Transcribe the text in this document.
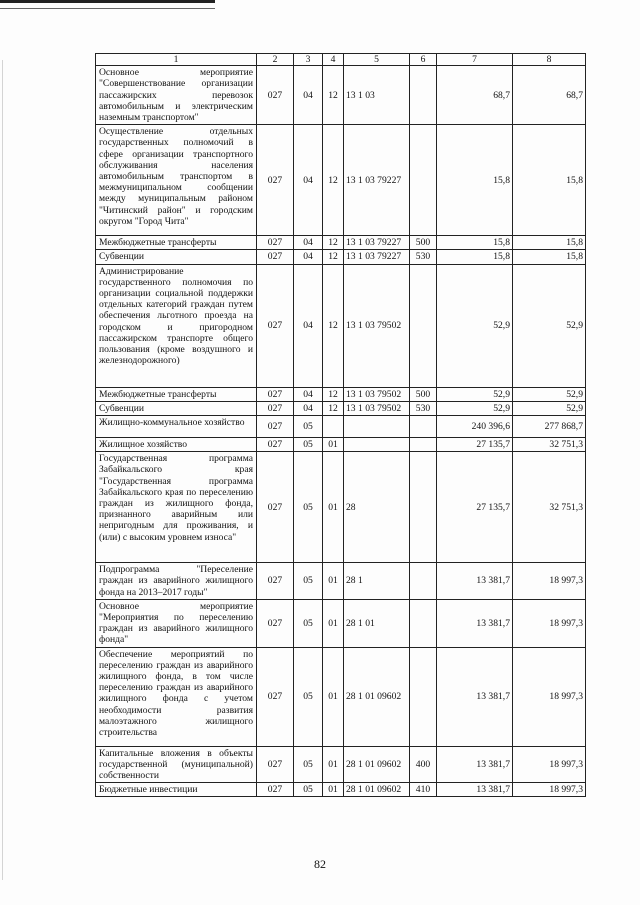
1	2	3	4	5	6	7	8
Основное мероприятие "Совершенствование организации пассажирских перевозок автомобильным и электрическим наземным транспортом"	027	04	12	13 1 03		68,7	68,7
Осуществление отдельных государственных полномочий в сфере организации транспортного обслуживания населения автомобильным транспортом в межмуниципальном сообщении между муниципальным районом "Читинский район" и городским округом "Город Чита"	027	04	12	13 1 03 79227		15,8	15,8
Межбюджетные трансферты	027	04	12	13 1 03 79227	500	15,8	15,8
Субвенции	027	04	12	13 1 03 79227	530	15,8	15,8
Администрирование государственного полномочия по организации социальной поддержки отдельных категорий граждан путем обеспечения льготного проезда на городском и пригородном пассажирском транспорте общего пользования (кроме воздушного и железнодорожного)	027	04	12	13 1 03 79502		52,9	52,9
Межбюджетные трансферты	027	04	12	13 1 03 79502	500	52,9	52,9
Субвенции	027	04	12	13 1 03 79502	530	52,9	52,9
Жилищно-коммунальное хозяйство	027	05				240 396,6	277 868,7
Жилищное хозяйство	027	05	01			27 135,7	32 751,3
Государственная программа Забайкальского края "Государственная программа Забайкальского края по переселению граждан из жилищного фонда, признанного аварийным или непригодным для проживания, и (или) с высоким уровнем износа"	027	05	01	28		27 135,7	32 751,3
Подпрограмма "Переселение граждан из аварийного жилищного фонда на 2013–2017 годы"	027	05	01	28 1		13 381,7	18 997,3
Основное мероприятие "Мероприятия по переселению граждан из аварийного жилищного фонда"	027	05	01	28 1 01		13 381,7	18 997,3
Обеспечение мероприятий по переселению граждан из аварийного жилищного фонда, в том числе переселению граждан из аварийного жилищного фонда с учетом необходимости развития малоэтажного жилищного строительства	027	05	01	28 1 01 09602		13 381,7	18 997,3
Капитальные вложения в объекты государственной (муниципальной) собственности	027	05	01	28 1 01 09602	400	13 381,7	18 997,3
Бюджетные инвестиции	027	05	01	28 1 01 09602	410	13 381,7	18 997,3
82
